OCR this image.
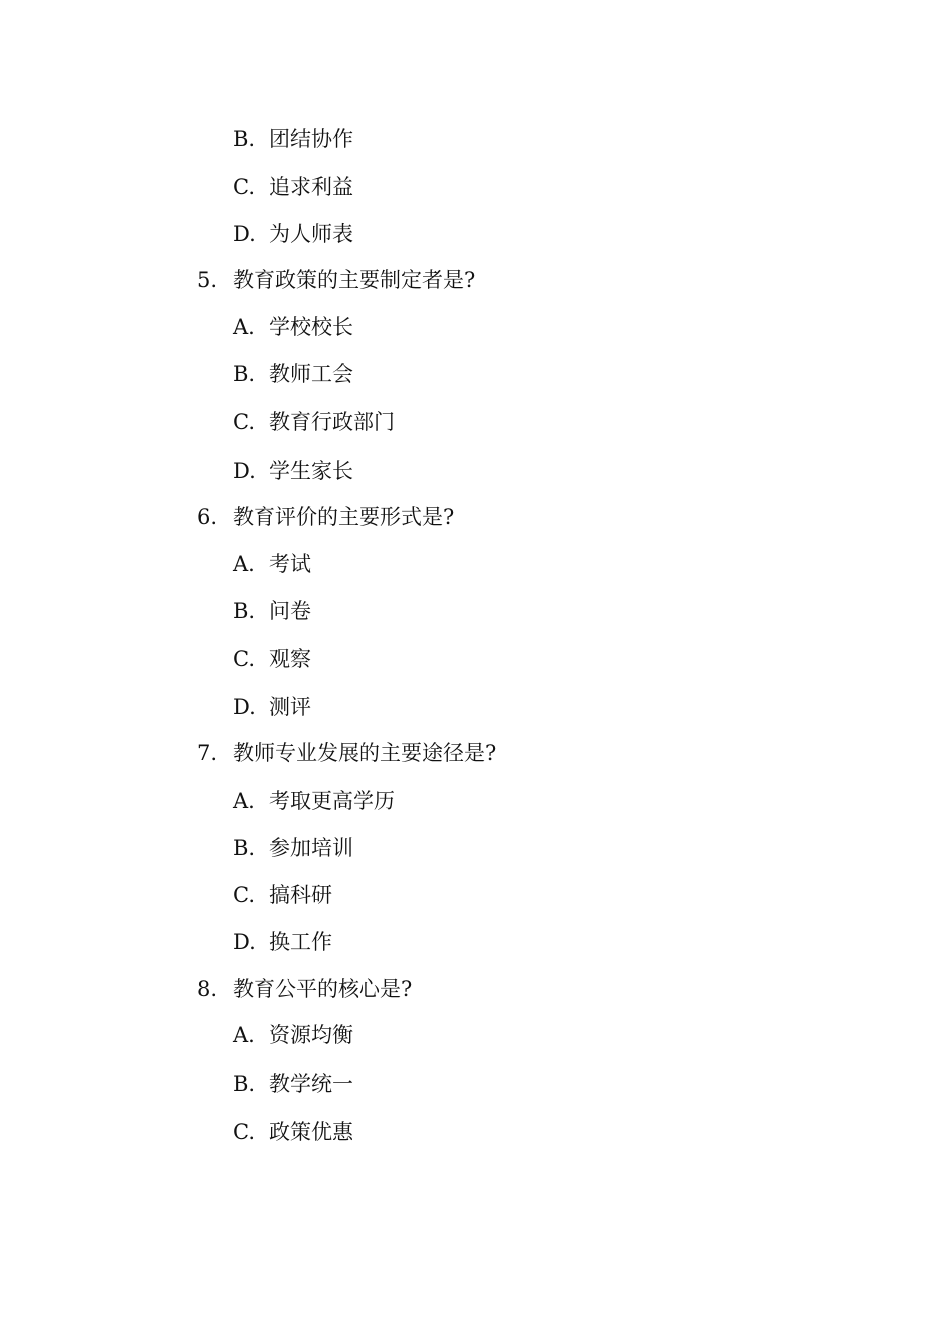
B. 团结协作
C. 追求利益
D. 为人师表
5. 教育政策的主要制定者是?
A. 学校校长
B. 教师工会
C. 教育行政部门
D. 学生家长
6. 教育评价的主要形式是?
A. 考试
B. 问卷
C. 观察
D. 测评
7. 教师专业发展的主要途径是?
A. 考取更高学历
B. 参加培训
C. 搞科研
D. 换工作
8. 教育公平的核心是?
A. 资源均衡
B. 教学统一
C. 政策优惠
